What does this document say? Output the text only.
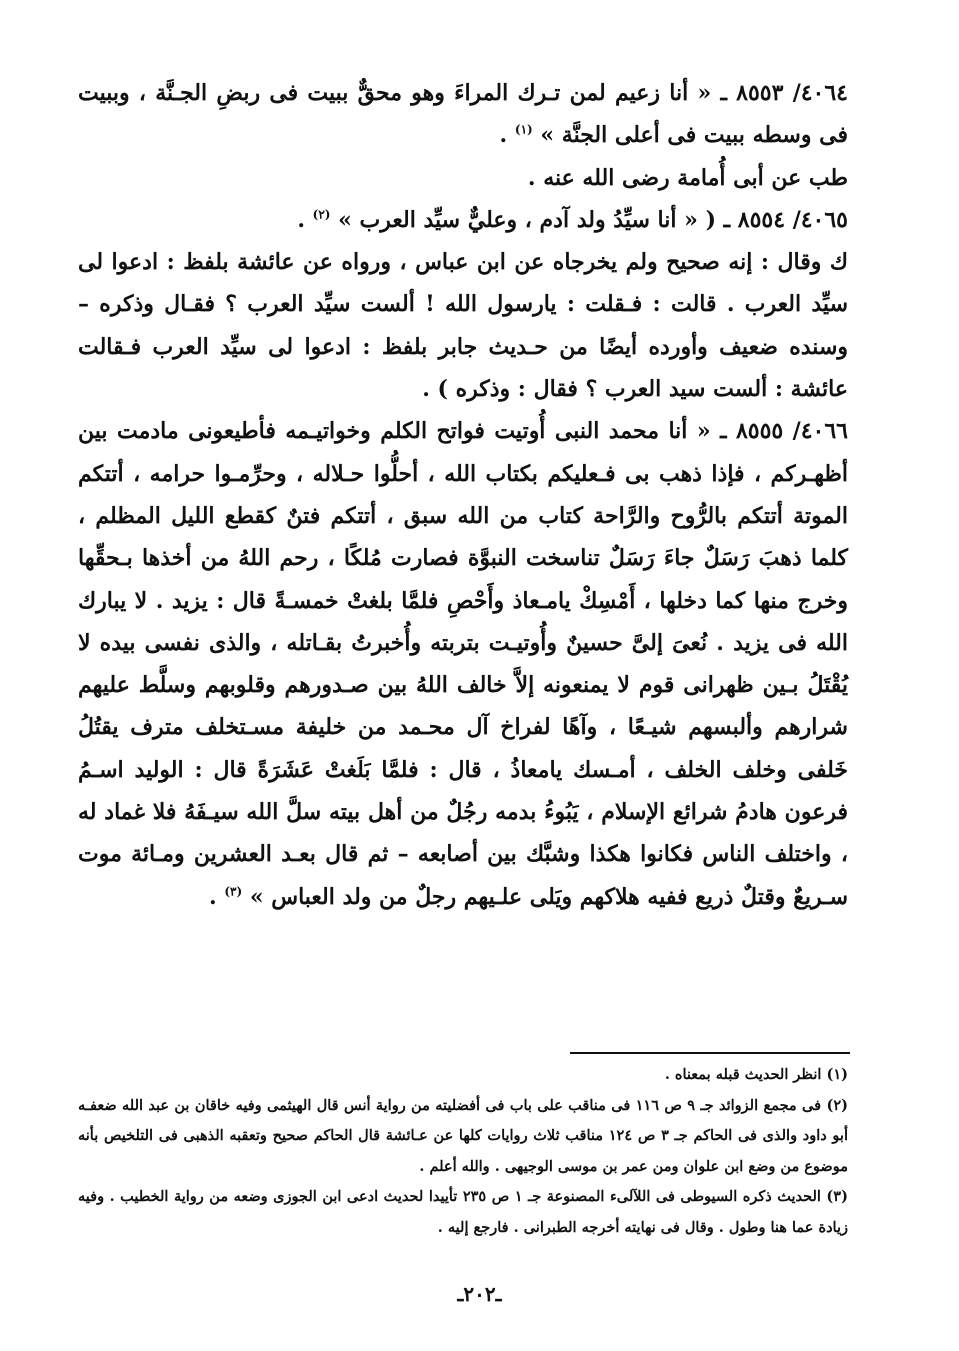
٤٠٦٤/ ٨٥٥٣ ـ « أنا زعيم لمن تـرك المراءَ وهو محقٌّ ببيت فى ربضِ الجـنَّة ، وببيت فى وسطه ببيت فى أعلى الجنَّة » $^{(١)}$ .

طب عن أبى أُمامة رضى الله عنه .

٤٠٦٥/ ٨٥٥٤ ـ ( « أنا سيِّدُ ولد آدم ، وعليٌّ سيِّد العرب » $^{(٢)}$ .

ك وقال : إنه صحيح ولم يخرجاه عن ابن عباس ، ورواه عن عائشة بلفظ : ادعوا لى سيِّد العرب . قالت : فـقلت : يارسول الله ! ألست سيِّد العرب ؟ فقـال وذكره – وسنده ضعيف وأورده أيضًا من حـديث جابر بلفظ : ادعوا لى سيِّد العرب فـقالت عائشة : ألست سيد العرب ؟ فقال : وذكره ) .

٤٠٦٦/ ٨٥٥٥ ـ « أنا محمد النبى أُوتيت فواتح الكلم وخواتيـمه فأطيعونى مادمت بين أظهـركم ، فإذا ذهب بى فـعليكم بكتاب الله ، أحلُّوا حـلاله ، وحرِّمـوا حرامه ، أتتكم الموتة أتتكم بالرُّوح والرَّاحة كتاب من الله سبق ، أتتكم فتنٌ كقطع الليل المظلم ، كلما ذهبَ رَسَلٌ جاءَ رَسَلٌ تناسخت النبوَّة فصارت مُلكًا ، رحم اللهُ من أخذها بـحقِّها وخرج منها كما دخلها ، أَمْسِكْ يامـعاذ وأَحْصِ فلمَّا بلغتْ خمسـةً قال : يزيد . لا يبارك الله فى يزيد . نُعىَ إلىَّ حسينٌ وأُوتيـت بتربته وأُخبرتُ بقـاتله ، والذى نفسى بيده لا يُقْتَلُ بـين ظهرانى قوم لا يمنعونه إلاَّ خالف اللهُ بين صـدورهم وقلوبهم وسلَّط عليهم شرارهم وألبسهم شيـعًا ، وآهًا لفراخ آل محـمد من خليفة مسـتخلف مترف يقتُلُ خَلفى وخلف الخلف ، أمـسك يامعاذُ ، قال : فلمَّا بَلَغتْ عَشَرَةً قال : الوليد اسـمُ فرعون هادمُ شرائع الإسلام ، يَبُوءُ بدمه رجُلٌ من أهل بيته سلَّ الله سيـفَهُ فلا غماد له ، واختلف الناس فكانوا هكذا وشبَّك بين أصابعه – ثم قال بعـد العشرين ومـائة موت سـريعٌ وقتلٌ ذريع ففيه هلاكهم ويَلى علـيهم رجلٌ من ولد العباس » $^{(٣)}$ .

(١) انظر الحديث قبله بمعناه .

(٢) فى مجمع الزوائد جـ ٩ ص ١١٦ فى مناقب على باب فى أفضليته من رواية أنس قال الهيثمى وفيه خاقان بن عبد الله ضعفـه أبو داود والذى فى الحاكم جـ ٣ ص ١٢٤ مناقب ثلاث روايات كلها عن عـائشة قال الحاكم صحيح وتعقبه الذهبى فى التلخيص بأنه موضوع من وضع ابن علوان ومن عمر بن موسى الوجيهى . والله أعلم .

(٣) الحديث ذكره السيوطى فى اللآلىء المصنوعة جـ ١ ص ٢٣٥ تأييدا لحديث ادعى ابن الجوزى وضعه من رواية الخطيب . وفيه زيادة عما هنا وطول . وقال فى نهايته أخرجه الطبرانى . فارجع إليه .

ـ٢٠٢ـ
